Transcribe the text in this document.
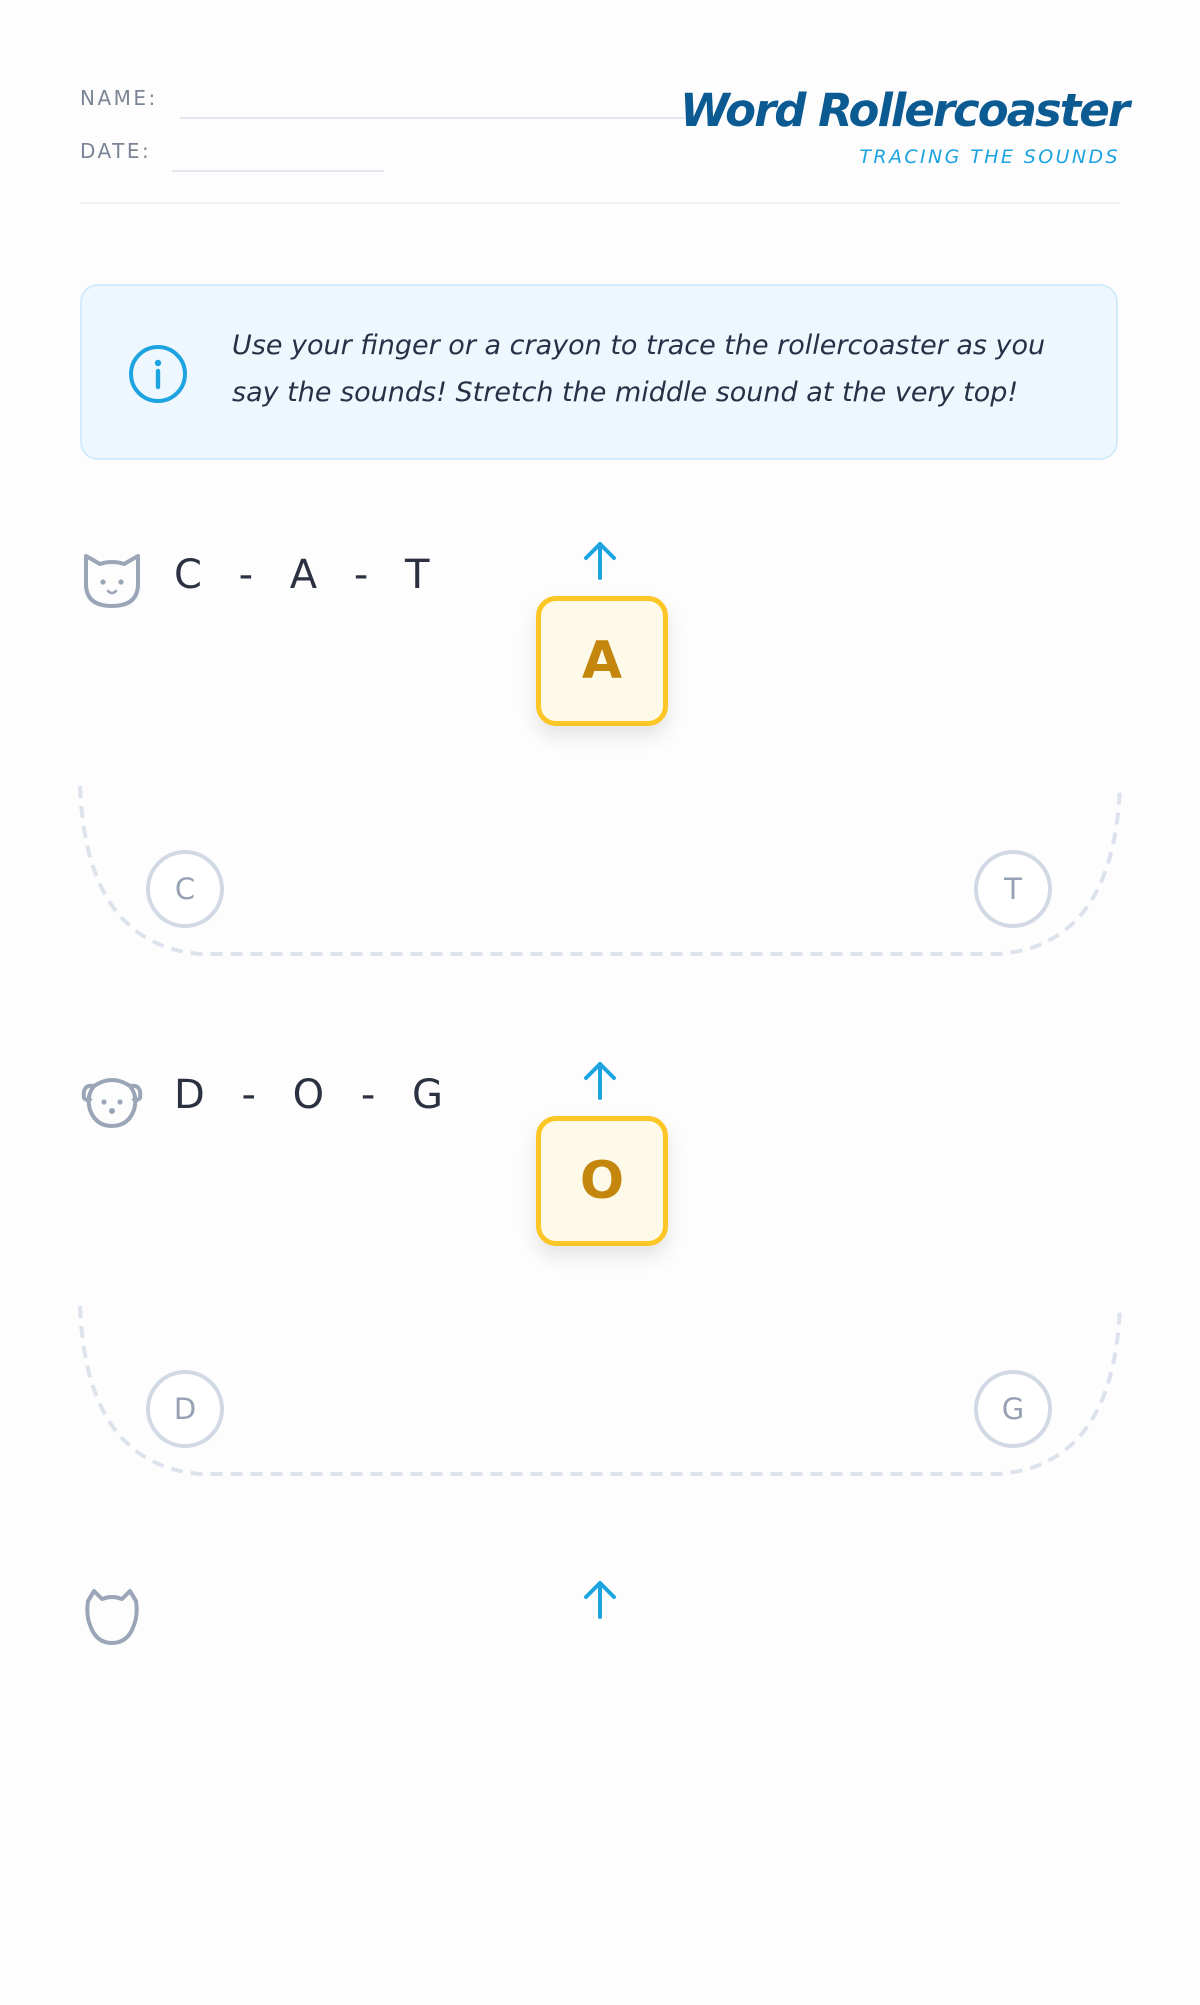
NAME:
DATE:
Word Rollercoaster
TRACING THE SOUNDS
Use your finger or a crayon to trace the rollercoaster as you say the sounds! Stretch the middle sound at the very top!
C - A - T
A
C	T
D - O - G
O
D	G
